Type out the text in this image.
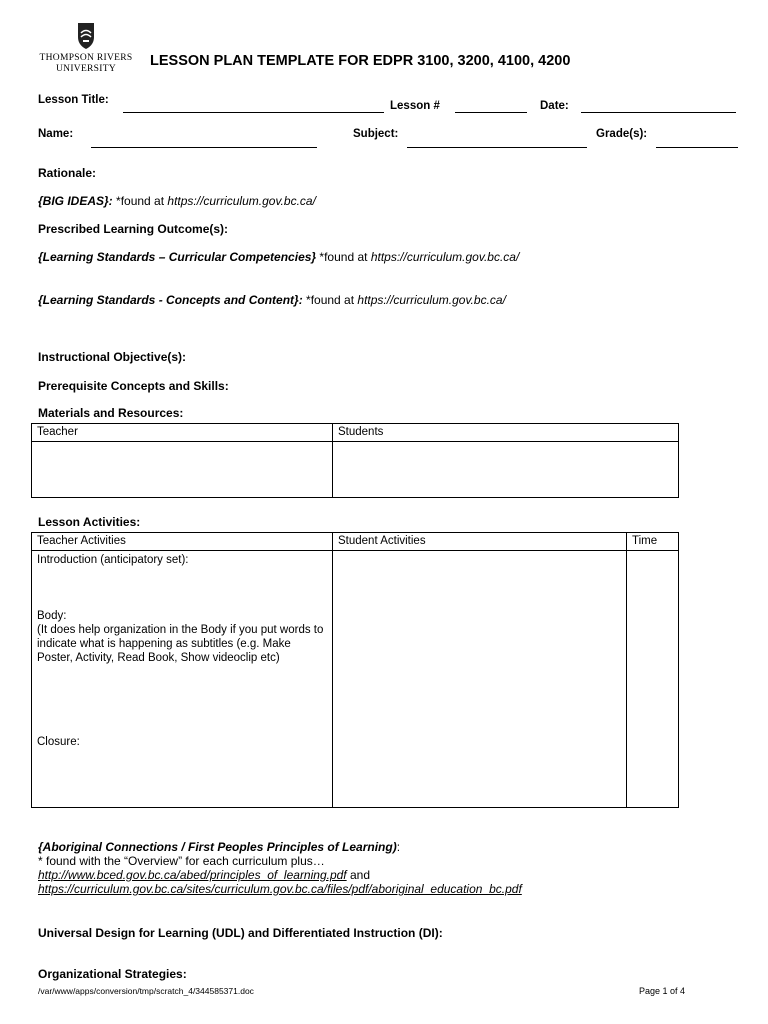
THOMPSON RIVERS
UNIVERSITY	LESSON PLAN TEMPLATE FOR EDPR 3100, 3200, 4100, 4200
Lesson Title:	Lesson #	Date:
Name:	Subject:	Grade(s):
Rationale:
{BIG IDEAS}: *found at https://curriculum.gov.bc.ca/
Prescribed Learning Outcome(s):
{Learning Standards – Curricular Competencies} *found at https://curriculum.gov.bc.ca/
{Learning Standards - Concepts and Content}: *found at https://curriculum.gov.bc.ca/
Instructional Objective(s):
Prerequisite Concepts and Skills:
Materials and Resources:
Teacher	Students

Lesson Activities:
Teacher Activities	Student Activities	Time

Introduction (anticipatory set):
Body:
(It does help organization in the Body if you put words to indicate what is happening as subtitles (e.g. Make Poster, Activity, Read Book, Show videoclip etc)
Closure:		

{Aboriginal Connections / First Peoples Principles of Learning):
* found with the “Overview” for each curriculum plus…
http://www.bced.gov.bc.ca/abed/principles_of_learning.pdf and
https://curriculum.gov.bc.ca/sites/curriculum.gov.bc.ca/files/pdf/aboriginal_education_bc.pdf
Universal Design for Learning (UDL) and Differentiated Instruction (DI):
Organizational Strategies:
/var/www/apps/conversion/tmp/scratch_4/344585371.doc	Page 1 of 4
